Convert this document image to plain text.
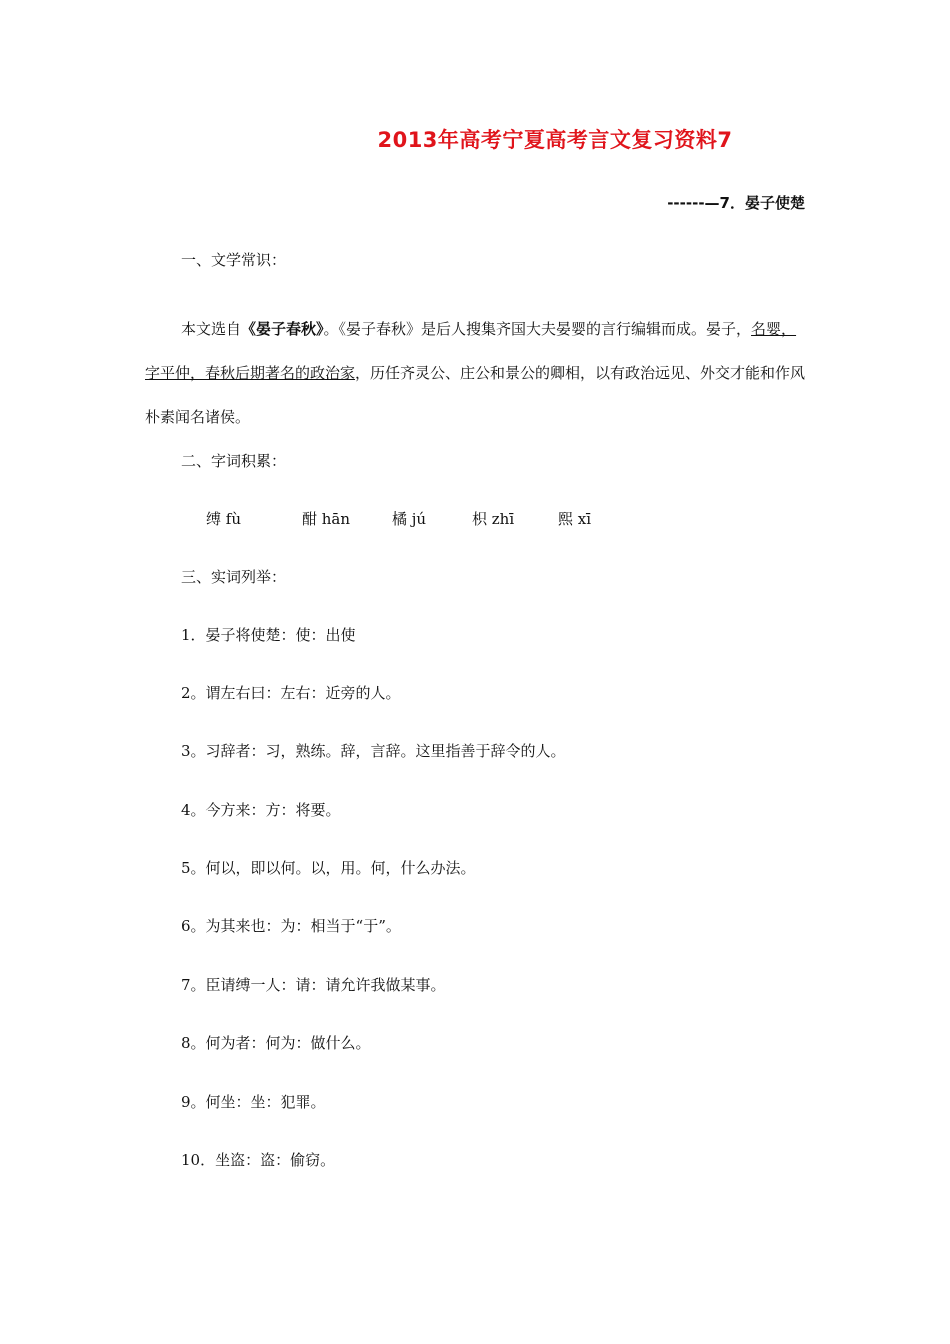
2013年高考宁夏高考言文复习资料7
------—7．晏子使楚
一、文学常识：
本文选自《晏子春秋》。《晏子春秋》是后人搜集齐国大夫晏婴的言行编辑而成。晏子，名婴，字平仲，春秋后期著名的政治家，历任齐灵公、庄公和景公的卿相，以有政治远见、外交才能和作风朴素闻名诸侯。
二、字词积累：
缚 fù	酣 hān	橘 jú	枳 zhī	熙 xī
三、实词列举：
1．晏子将使楚：使：出使
2。谓左右曰：左右：近旁的人。
3。习辞者：习，熟练。辞，言辞。这里指善于辞令的人。
4。今方来：方：将要。
5。何以，即以何。以，用。何，什么办法。
6。为其来也：为：相当于“于”。
7。臣请缚一人：请：请允许我做某事。
8。何为者：何为：做什么。
9。何坐：坐：犯罪。
10．坐盗：盗：偷窃。
